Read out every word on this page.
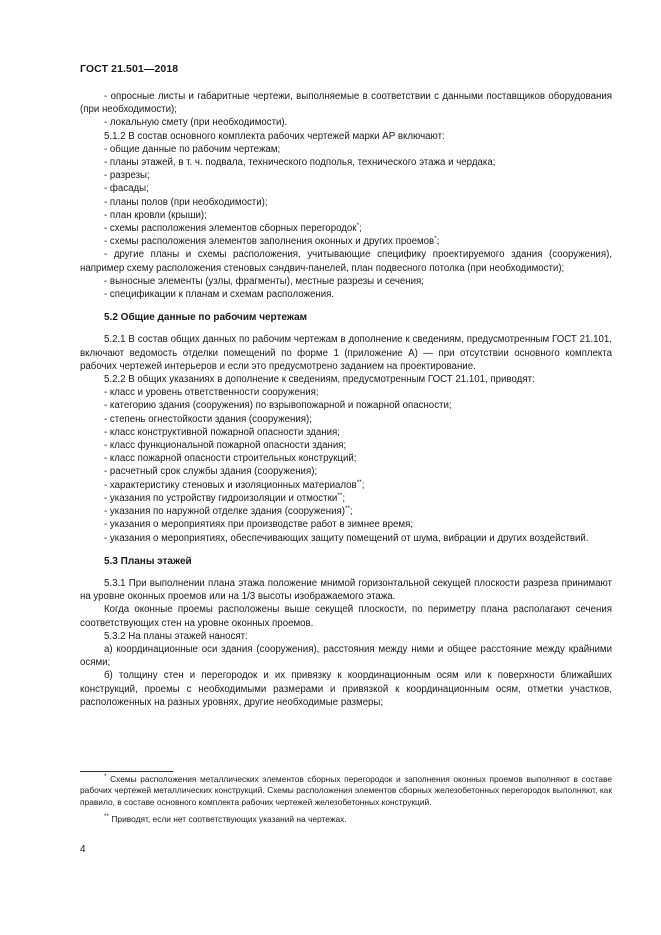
ГОСТ 21.501—2018

- опросные листы и габаритные чертежи, выполняемые в соответствии с данными поставщиков оборудования (при необходимости);

- локальную смету (при необходимости).

5.1.2 В состав основного комплекта рабочих чертежей марки АР включают:

- общие данные по рабочим чертежам;

- планы этажей, в т. ч. подвала, технического подполья, технического этажа и чердака;

- разрезы;

- фасады;

- планы полов (при необходимости);

- план кровли (крыши);

- схемы расположения элементов сборных перегородок*;

- схемы расположения элементов заполнения оконных и других проемов*;

- другие планы и схемы расположения, учитывающие специфику проектируемого здания (сооружения), например схему расположения стеновых сэндвич-панелей, план подвесного потолка (при необходимости);

- выносные элементы (узлы, фрагменты), местные разрезы и сечения;

- спецификации к планам и схемам расположения.

5.2 Общие данные по рабочим чертежам

5.2.1 В состав общих данных по рабочим чертежам в дополнение к сведениям, предусмотренным ГОСТ 21.101, включают ведомость отделки помещений по форме 1 (приложение А) — при отсутствии основного комплекта рабочих чертежей интерьеров и если это предусмотрено заданием на проектирование.

5.2.2 В общих указаниях в дополнение к сведениям, предусмотренным ГОСТ 21.101, приводят:

- класс и уровень ответственности сооружения;

- категорию здания (сооружения) по взрывопожарной и пожарной опасности;

- степень огнестойкости здания (сооружения);

- класс конструктивной пожарной опасности здания;

- класс функциональной пожарной опасности здания;

- класс пожарной опасности строительных конструкций;

- расчетный срок службы здания (сооружения);

- характеристику стеновых и изоляционных материалов**;

- указания по устройству гидроизоляции и отмостки**;

- указания по наружной отделке здания (сооружения)**;

- указания о мероприятиях при производстве работ в зимнее время;

- указания о мероприятиях, обеспечивающих защиту помещений от шума, вибрации и других воздействий.

5.3 Планы этажей

5.3.1 При выполнении плана этажа положение мнимой горизонтальной секущей плоскости разреза принимают на уровне оконных проемов или на 1/3 высоты изображаемого этажа.

Когда оконные проемы расположены выше секущей плоскости, по периметру плана располагают сечения соответствующих стен на уровне оконных проемов.

5.3.2 На планы этажей наносят:

а) координационные оси здания (сооружения), расстояния между ними и общее расстояние между крайними осями;

б) толщину стен и перегородок и их привязку к координационным осям или к поверхности ближайших конструкций, проемы с необходимыми размерами и привязкой к координационным осям, отметки участков, расположенных на разных уровнях, другие необходимые размеры;

* Схемы расположения металлических элементов сборных перегородок и заполнения оконных проемов выполняют в составе рабочих чертежей металлических конструкций. Схемы расположения элементов сборных железобетонных перегородок выполняют, как правило, в составе основного комплекта рабочих чертежей железобетонных конструкций.

** Приводят, если нет соответствующих указаний на чертежах.

4
